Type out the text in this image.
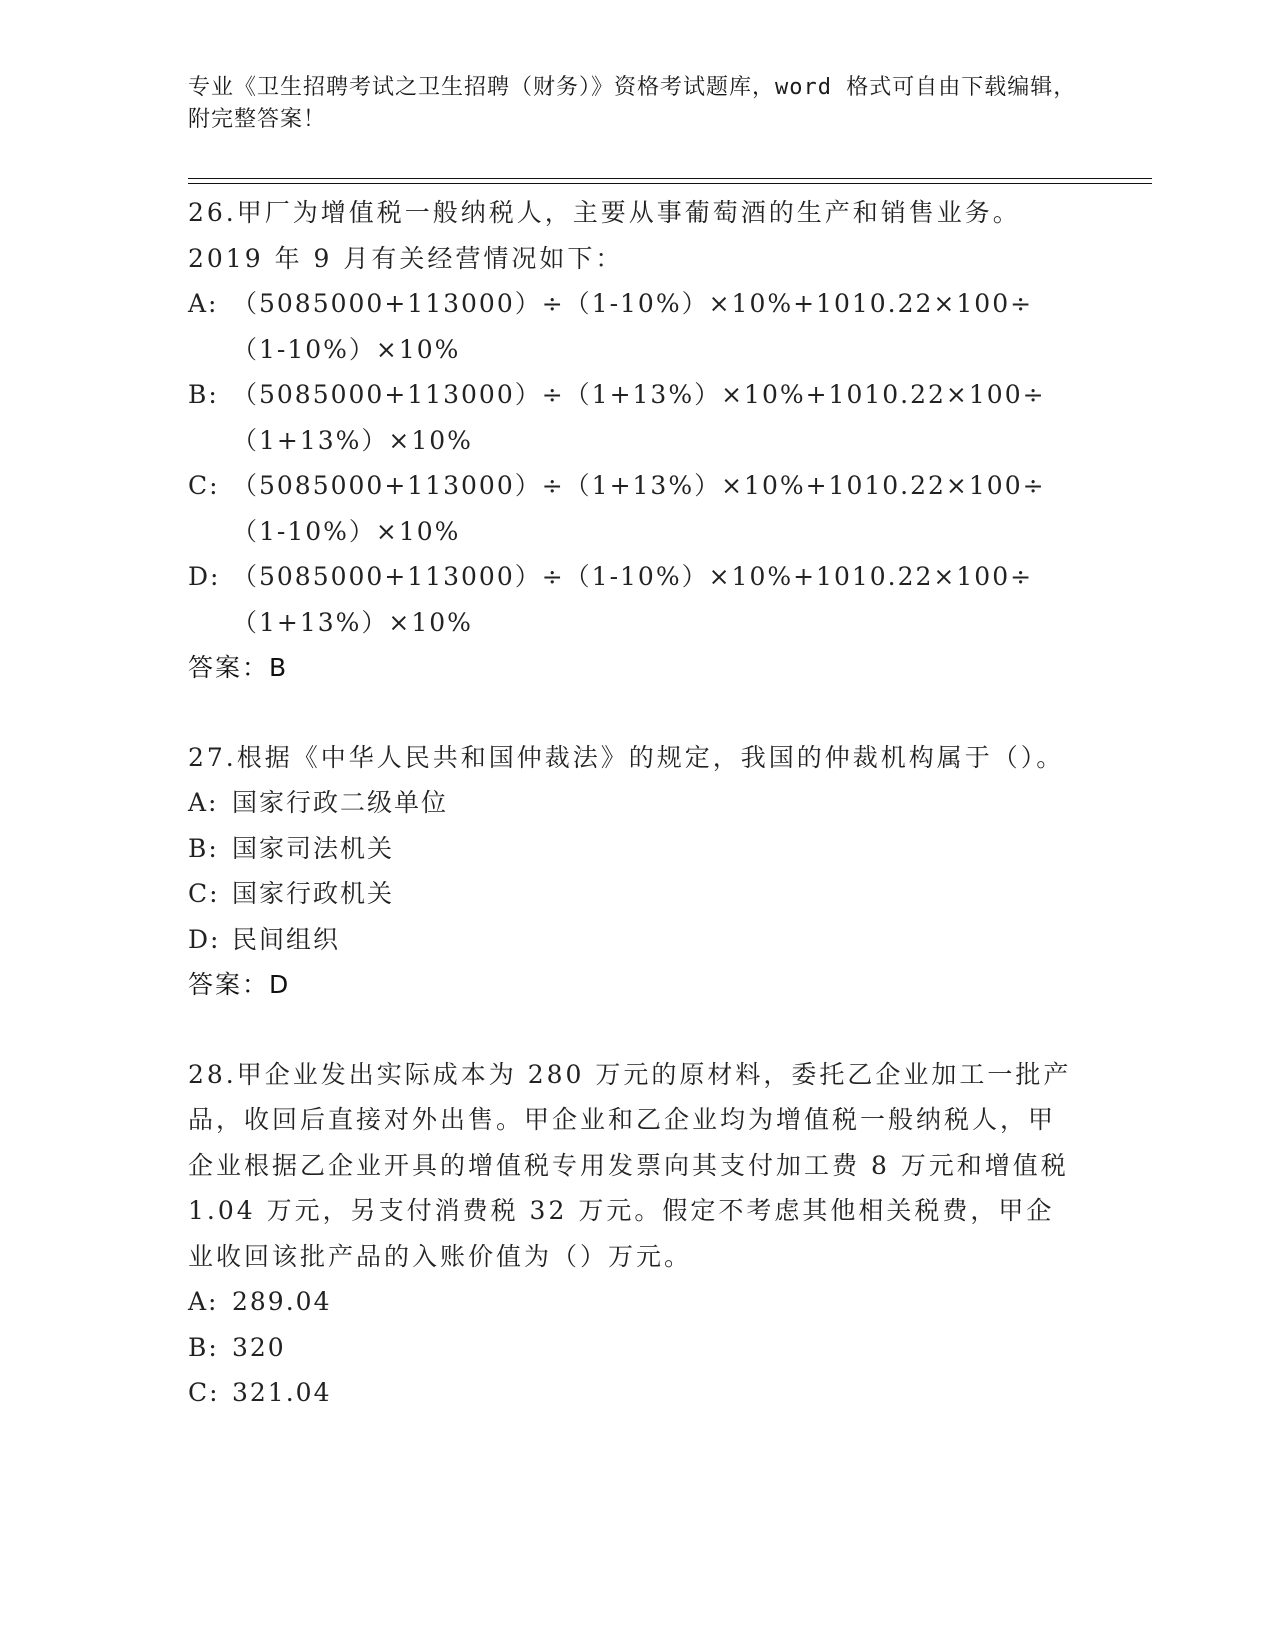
专业《卫生招聘考试之卫生招聘（财务）》资格考试题库，word 格式可自由下载编辑，附完整答案！
26.甲厂为增值税一般纳税人，主要从事葡萄酒的生产和销售业务。2019 年 9 月有关经营情况如下：
A: （5085000+113000）÷（1-10%）×10%+1010.22×100÷（1-10%）×10%
B: （5085000+113000）÷（1+13%）×10%+1010.22×100÷（1+13%）×10%
C: （5085000+113000）÷（1+13%）×10%+1010.22×100÷（1-10%）×10%
D: （5085000+113000）÷（1-10%）×10%+1010.22×100÷（1+13%）×10%
答案：B
27.根据《中华人民共和国仲裁法》的规定，我国的仲裁机构属于（）。
A: 国家行政二级单位
B: 国家司法机关
C: 国家行政机关
D: 民间组织
答案：D
28.甲企业发出实际成本为 280 万元的原材料，委托乙企业加工一批产品，收回后直接对外出售。甲企业和乙企业均为增值税一般纳税人，甲企业根据乙企业开具的增值税专用发票向其支付加工费 8 万元和增值税 1.04 万元，另支付消费税 32 万元。假定不考虑其他相关税费，甲企业收回该批产品的入账价值为（）万元。
A: 289.04
B: 320
C: 321.04
